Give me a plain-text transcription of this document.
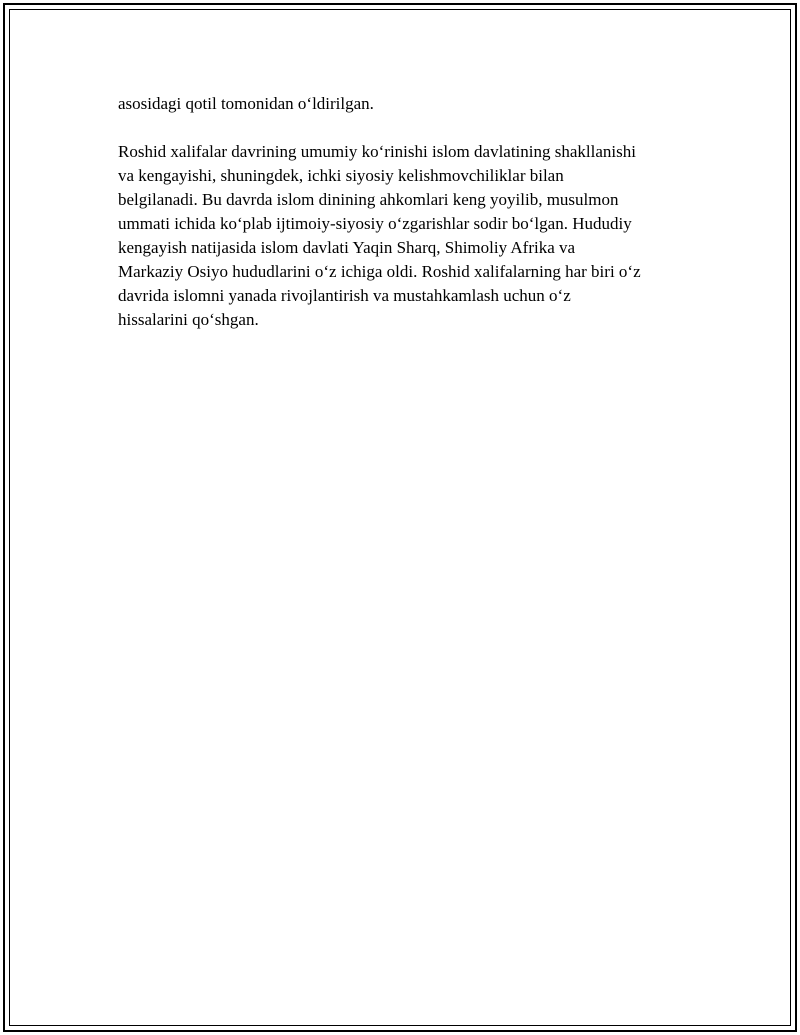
asosidagi qotil tomonidan o‘ldirilgan.

Roshid xalifalar davrining umumiy ko‘rinishi islom davlatining shakllanishi
va kengayishi, shuningdek, ichki siyosiy kelishmovchiliklar bilan
belgilanadi. Bu davrda islom dinining ahkomlari keng yoyilib, musulmon
ummati ichida ko‘plab ijtimoiy-siyosiy o‘zgarishlar sodir bo‘lgan. Hududiy
kengayish natijasida islom davlati Yaqin Sharq, Shimoliy Afrika va
Markaziy Osiyo hududlarini o‘z ichiga oldi. Roshid xalifalarning har biri o‘z
davrida islomni yanada rivojlantirish va mustahkamlash uchun o‘z
hissalarini qo‘shgan.
